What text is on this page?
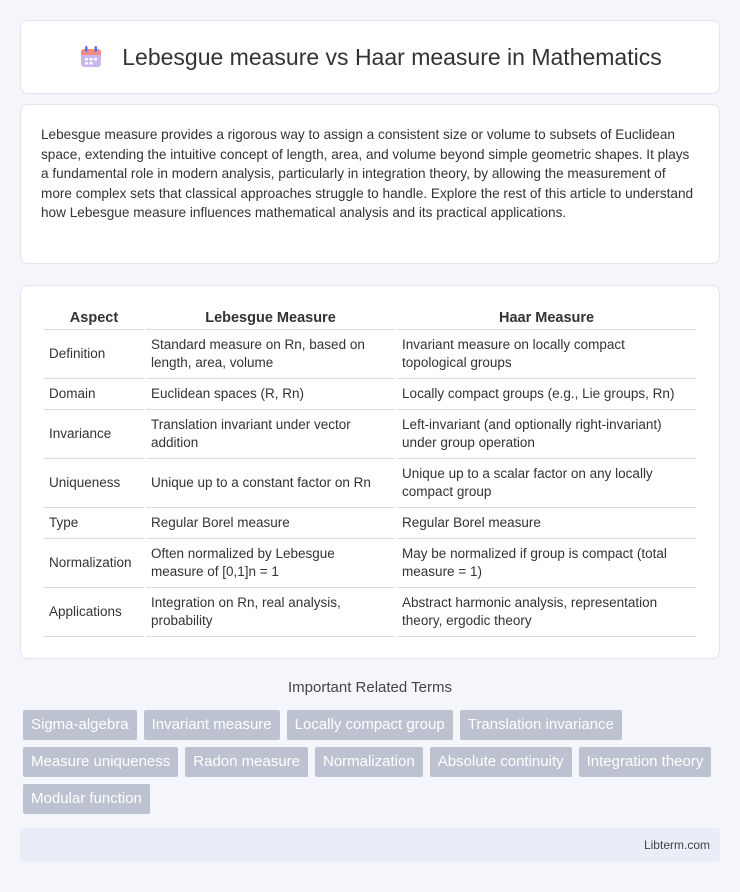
Lebesgue measure vs Haar measure in Mathematics

Lebesgue measure provides a rigorous way to assign a consistent size or volume to subsets of Euclidean space, extending the intuitive concept of length, area, and volume beyond simple geometric shapes. It plays a fundamental role in modern analysis, particularly in integration theory, by allowing the measurement of more complex sets that classical approaches struggle to handle. Explore the rest of this article to understand how Lebesgue measure influences mathematical analysis and its practical applications.

Aspect	Lebesgue Measure	Haar Measure
Definition	Standard measure on Rn, based on length, area, volume	Invariant measure on locally compact topological groups
Domain	Euclidean spaces (R, Rn)	Locally compact groups (e.g., Lie groups, Rn)
Invariance	Translation invariant under vector addition	Left-invariant (and optionally right-invariant) under group operation
Uniqueness	Unique up to a constant factor on Rn	Unique up to a scalar factor on any locally compact group
Type	Regular Borel measure	Regular Borel measure
Normalization	Often normalized by Lebesgue measure of [0,1]n = 1	May be normalized if group is compact (total measure = 1)
Applications	Integration on Rn, real analysis, probability	Abstract harmonic analysis, representation theory, ergodic theory
Important Related Terms
Sigma-algebra	Invariant measure	Locally compact group	Translation invariance
Measure uniqueness	Radon measure	Normalization	Absolute continuity	Integration theory
Modular function
Libterm.com
